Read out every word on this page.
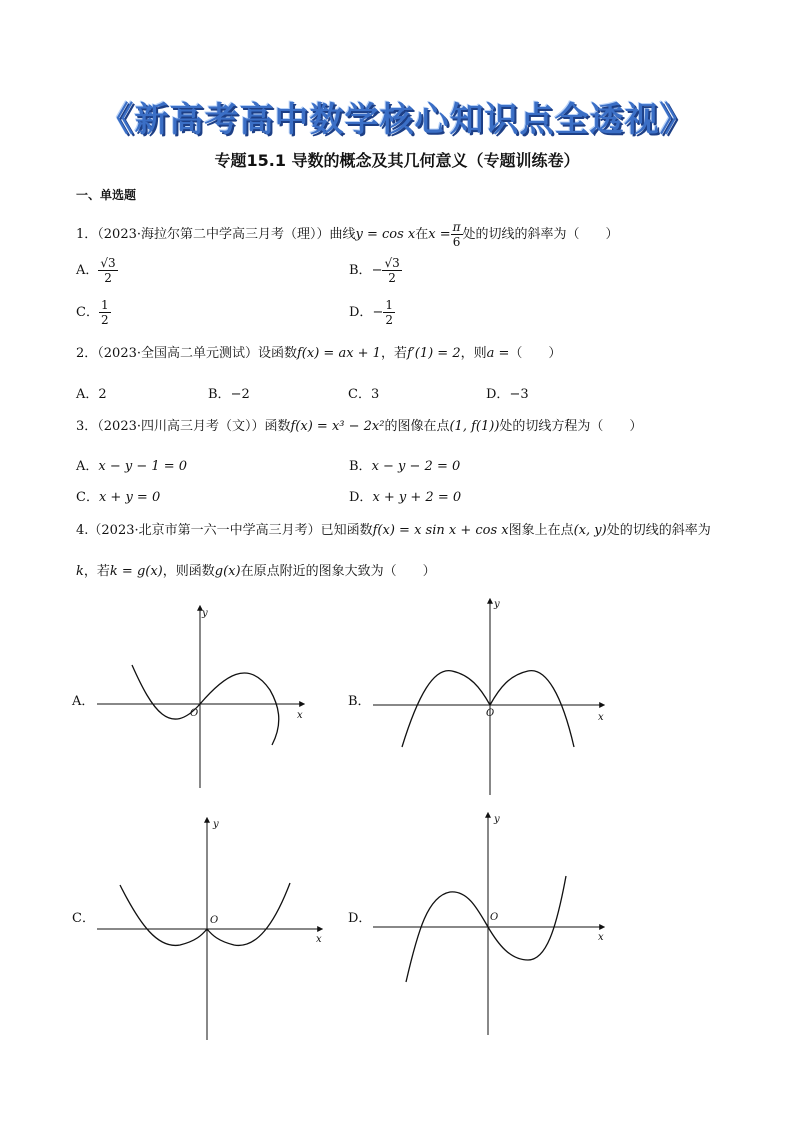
《新高考高中数学核心知识点全透视》
专题15.1 导数的概念及其几何意义（专题训练卷）
一、单选题
1．（2023·海拉尔第二中学高三月考（理））曲线y = cos x在$x = \frac{\pi}{6}$ 处的切线的斜率为（　　）
A． $\frac{√3}{2}$	B．− $\frac{√3}{2}$
C． $\frac{1}{2}$	D．− $\frac{1}{2}$
2．（2023·全国高二单元测试）设函数f(x) = ax + 1，若f′(1) = 2，则a =（　　）
A．2	B．−2	C．3	D．−3
3．（2023·四川高三月考（文））函数f(x) = x³ − 2x²的图像在点(1, f(1))处的切线方程为（　　）
A．x − y − 1 = 0	B．x − y − 2 = 0
C．x + y = 0	D．x + y + 2 = 0
4.（2023·北京市第一六一中学高三月考）已知函数f(x) = x sin x + cos x图象上在点(x, y)处的切线的斜率为
k，若k = g(x)，则函数g(x)在原点附近的图象大致为（　　）
A．
y
x
O
B．
y
x
O
C．
y
x
O	D．
y
x
O
